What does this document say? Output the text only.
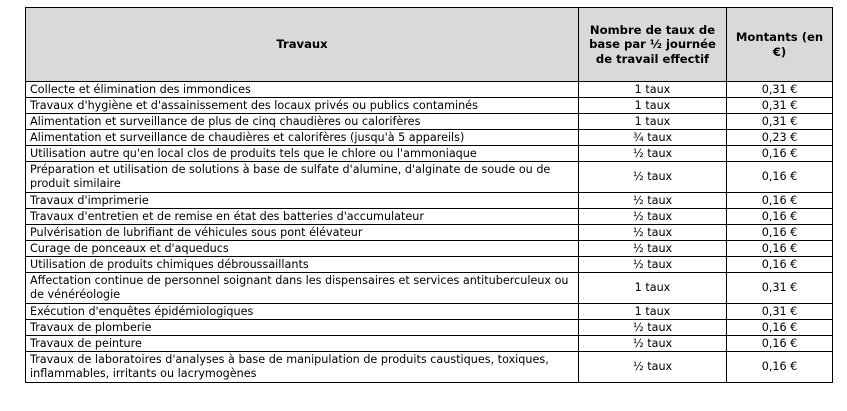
Travaux	Nombre de taux de base par ½ journée de travail effectif	Montants (en €)
Collecte et élimination des immondices	1 taux	0,31 €
Travaux d'hygiène et d'assainissement des locaux privés ou publics contaminés	1 taux	0,31 €
Alimentation et surveillance de plus de cinq chaudières ou calorifères	1 taux	0,31 €
Alimentation et surveillance de chaudières et calorifères (jusqu'à 5 appareils)	¾ taux	0,23 €
Utilisation autre qu'en local clos de produits tels que le chlore ou l'ammoniaque	½ taux	0,16 €
Préparation et utilisation de solutions à base de sulfate d'alumine, d'alginate de soude ou de produit similaire	½ taux	0,16 €
Travaux d'imprimerie	½ taux	0,16 €
Travaux d'entretien et de remise en état des batteries d'accumulateur	½ taux	0,16 €
Pulvérisation de lubrifiant de véhicules sous pont élévateur	½ taux	0,16 €
Curage de ponceaux et d'aqueducs	½ taux	0,16 €
Utilisation de produits chimiques débroussaillants	½ taux	0,16 €
Affectation continue de personnel soignant dans les dispensaires et services antituberculeux ou de vénéréologie	1 taux	0,31 €
Exécution d'enquêtes épidémiologiques	1 taux	0,31 €
Travaux de plomberie	½ taux	0,16 €
Travaux de peinture	½ taux	0,16 €
Travaux de laboratoires d'analyses à base de manipulation de produits caustiques, toxiques, inflammables, irritants ou lacrymogènes	½ taux	0,16 €
